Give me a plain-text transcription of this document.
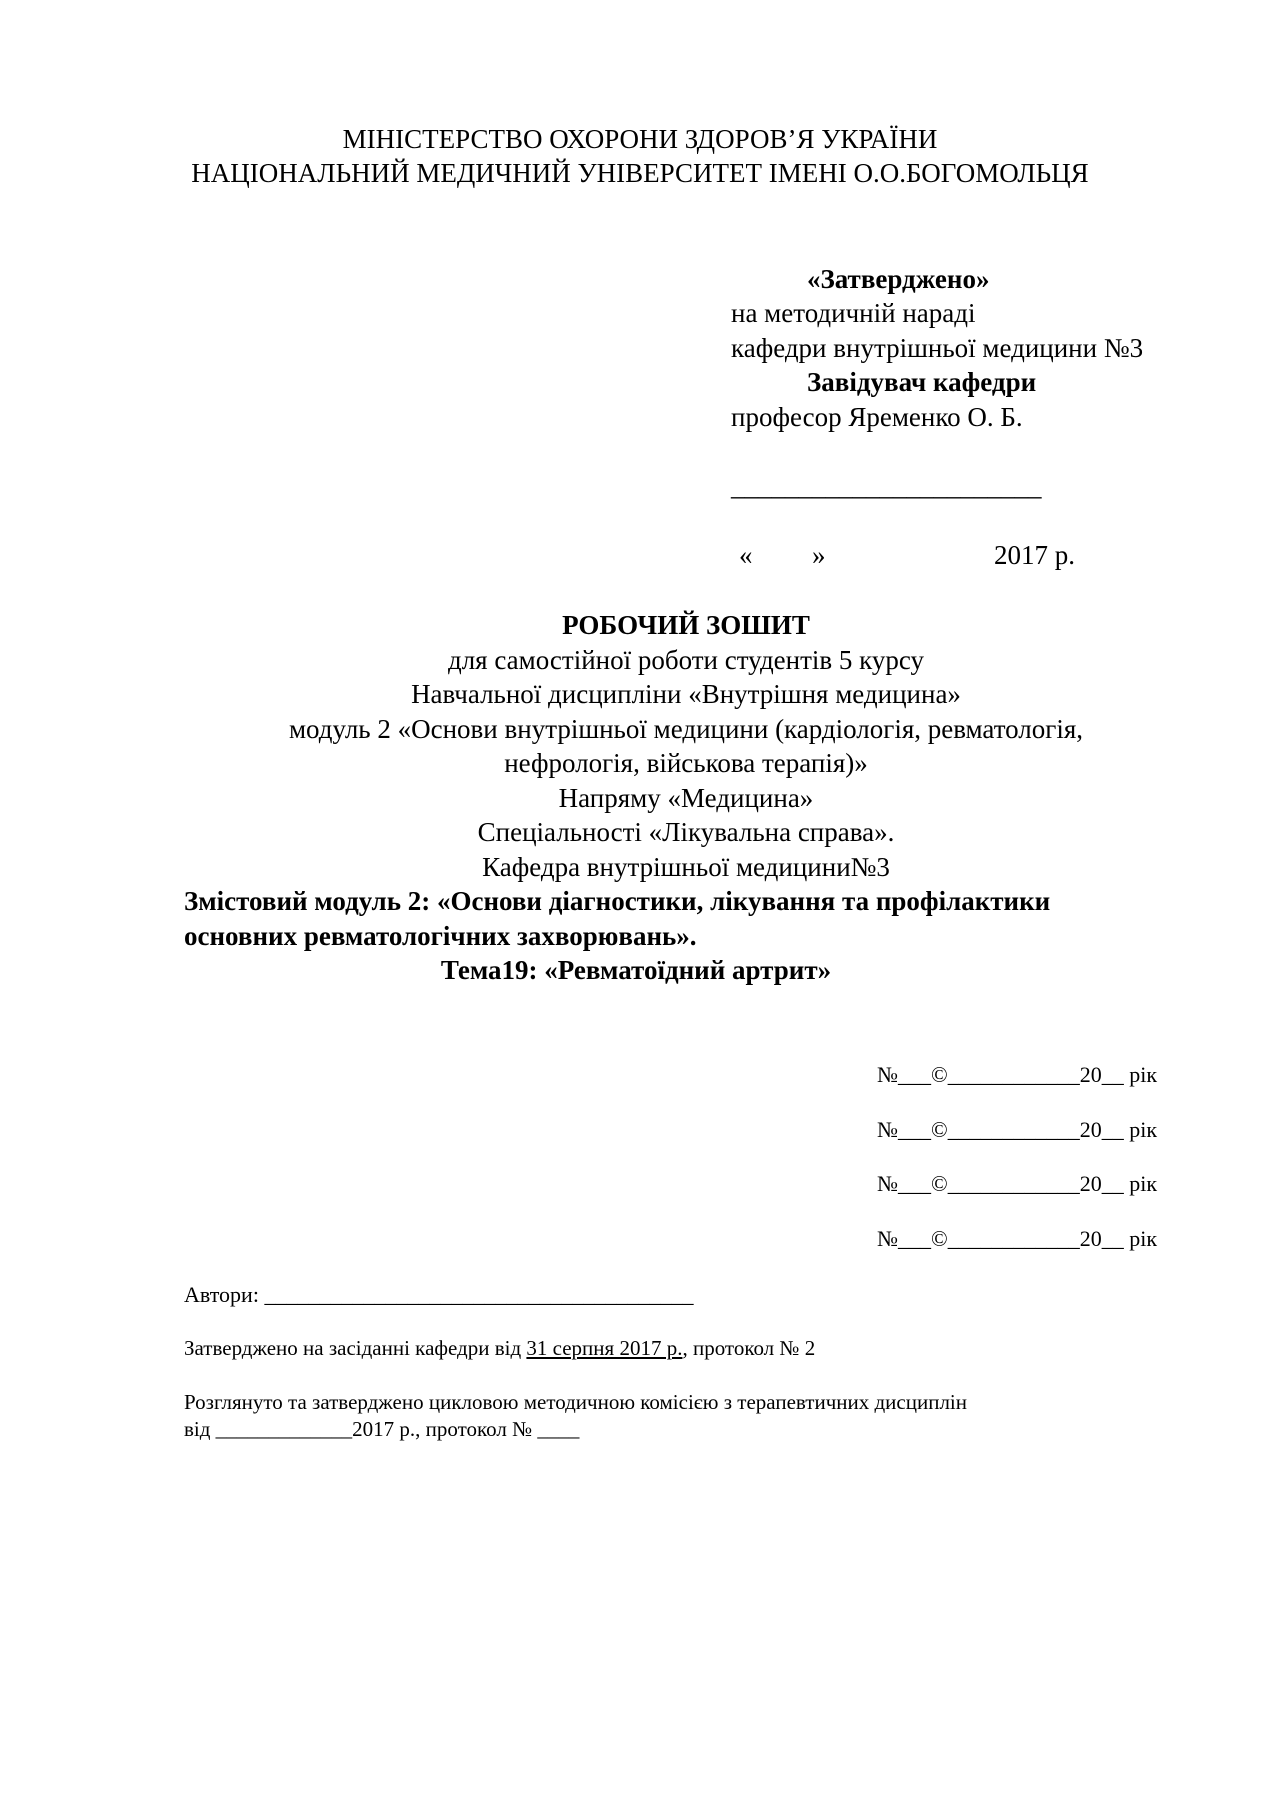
МІНІСТЕРСТВО ОХОРОНИ ЗДОРОВ’Я УКРАЇНИ
НАЦІОНАЛЬНИЙ МЕДИЧНИЙ УНІВЕРСИТЕТ ІМЕНІ О.О.БОГОМОЛЬЦЯ
«Затверджено»
на методичній нараді
кафедри внутрішньої медицини №3
Завідувач кафедри
професор Яременко О. Б.
_______________________
« »	2017 р.
РОБОЧИЙ ЗОШИТ
для самостійної роботи студентів 5 курсу
Навчальної дисципліни «Внутрішня медицина»
модуль 2 «Основи внутрішньої медицини (кардіологія, ревматологія,
нефрологія, військова терапія)»
Напряму «Медицина»
Спеціальності «Лікувальна справа».
Кафедра внутрішньої медицини№3
Змістовий модуль 2: «Основи діагностики, лікування та профілактики
основних ревматологічних захворювань».
Тема19: «Ревматоїдний артрит»
№___©____________20__ рік
№___©____________20__ рік
№___©____________20__ рік
№___©____________20__ рік
Автори: _______________________________________
Затверджено на засіданні кафедри від 31 серпня 2017 р., протокол № 2
Розглянуто та затверджено цикловою методичною комісією з терапевтичних дисциплін
від _____________2017 р., протокол № ____
